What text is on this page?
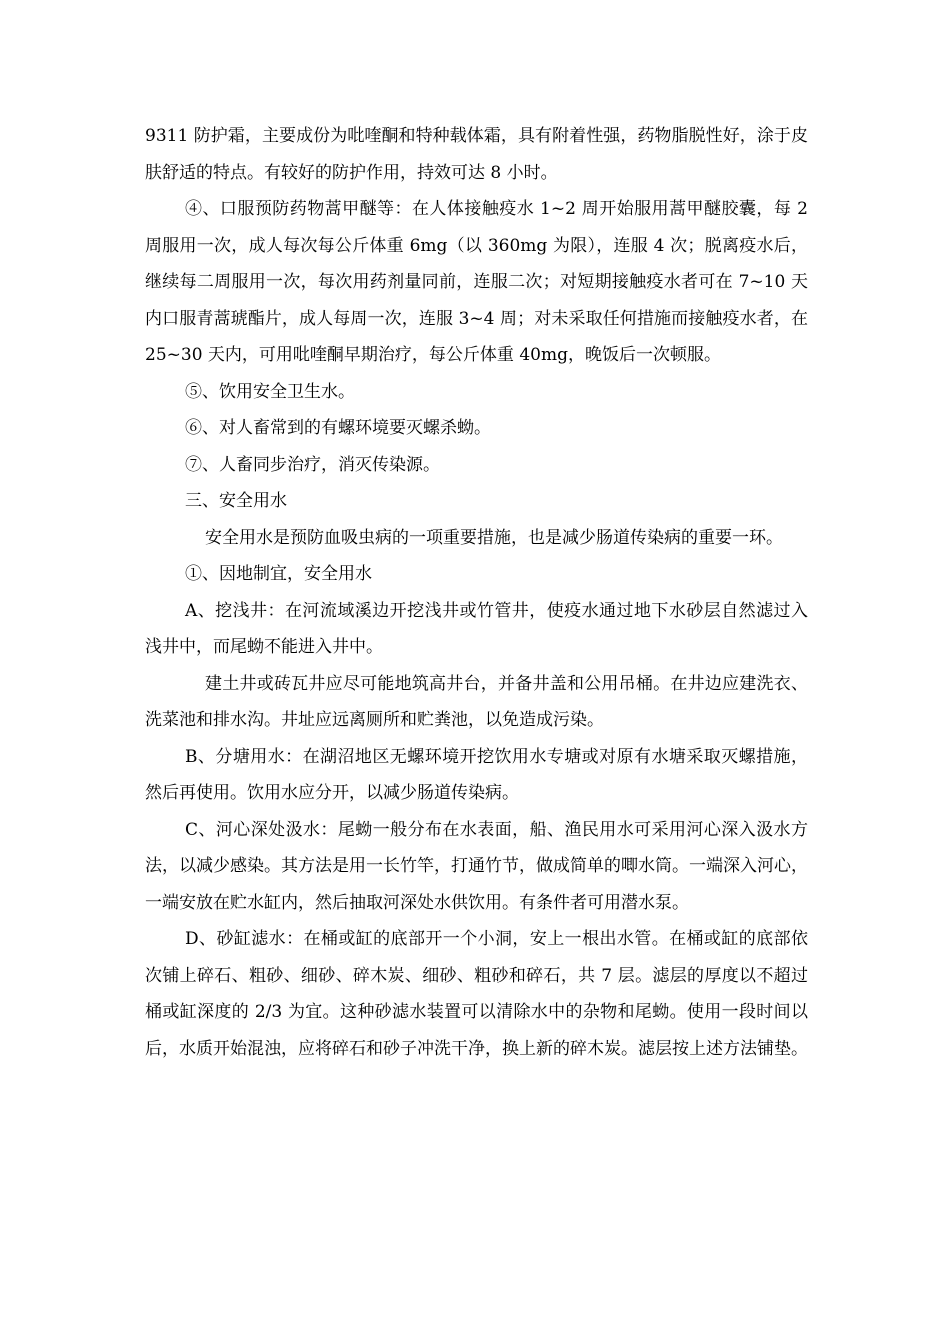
9311 防护霜，主要成份为吡喹酮和特种载体霜，具有附着性强，药物脂脱性好，涂于皮肤舒适的特点。有较好的防护作用，持效可达 8 小时。

④、口服预防药物蒿甲醚等：在人体接触疫水 1~2 周开始服用蒿甲醚胶囊，每 2 周服用一次，成人每次每公斤体重 6mg（以 360mg 为限），连服 4 次；脱离疫水后，继续每二周服用一次，每次用药剂量同前，连服二次；对短期接触疫水者可在 7~10 天内口服青蒿琥酯片，成人每周一次，连服 3~4 周；对未采取任何措施而接触疫水者，在 25~30 天内，可用吡喹酮早期治疗，每公斤体重 40mg，晚饭后一次顿服。

⑤、饮用安全卫生水。

⑥、对人畜常到的有螺环境要灭螺杀蚴。

⑦、人畜同步治疗，消灭传染源。

三、安全用水

安全用水是预防血吸虫病的一项重要措施，也是减少肠道传染病的重要一环。

①、因地制宜，安全用水

A、挖浅井：在河流域溪边开挖浅井或竹管井，使疫水通过地下水砂层自然滤过入浅井中，而尾蚴不能进入井中。

建土井或砖瓦井应尽可能地筑高井台，并备井盖和公用吊桶。在井边应建洗衣、洗菜池和排水沟。井址应远离厕所和贮粪池，以免造成污染。

B、分塘用水：在湖沼地区无螺环境开挖饮用水专塘或对原有水塘采取灭螺措施，然后再使用。饮用水应分开，以减少肠道传染病。

C、河心深处汲水：尾蚴一般分布在水表面，船、渔民用水可采用河心深入汲水方法，以减少感染。其方法是用一长竹竿，打通竹节，做成简单的唧水筒。一端深入河心，一端安放在贮水缸内，然后抽取河深处水供饮用。有条件者可用潜水泵。

D、砂缸滤水：在桶或缸的底部开一个小洞，安上一根出水管。在桶或缸的底部依次铺上碎石、粗砂、细砂、碎木炭、细砂、粗砂和碎石，共 7 层。滤层的厚度以不超过桶或缸深度的 2/3 为宜。这种砂滤水装置可以清除水中的杂物和尾蚴。使用一段时间以后，水质开始混浊，应将碎石和砂子冲洗干净，换上新的碎木炭。滤层按上述方法铺垫。
